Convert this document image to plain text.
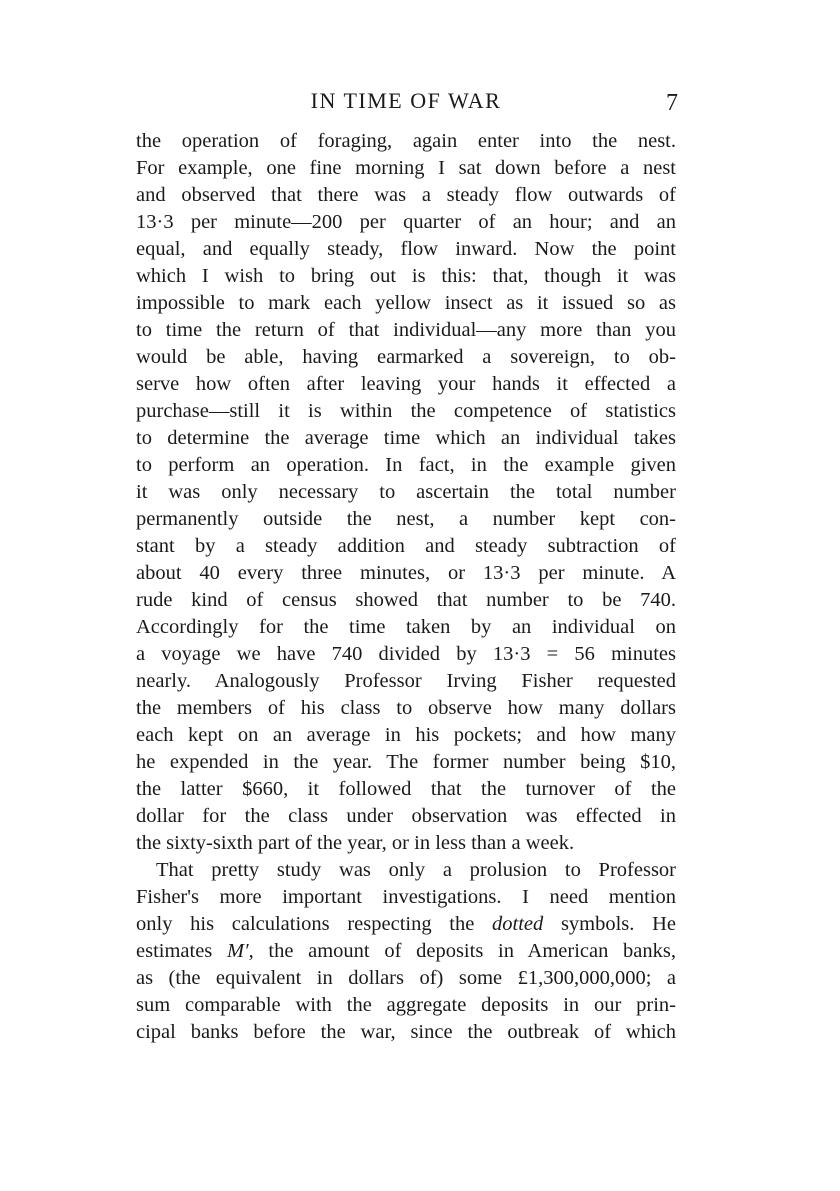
IN TIME OF WAR	7
the operation of foraging, again enter into the nest.
For example, one fine morning I sat down before a nest
and observed that there was a steady flow outwards of
13·3 per minute—200 per quarter of an hour; and an
equal, and equally steady, flow inward. Now the point
which I wish to bring out is this: that, though it was
impossible to mark each yellow insect as it issued so as
to time the return of that individual—any more than you
would be able, having earmarked a sovereign, to ob-
serve how often after leaving your hands it effected a
purchase—still it is within the competence of statistics
to determine the average time which an individual takes
to perform an operation. In fact, in the example given
it was only necessary to ascertain the total number
permanently outside the nest, a number kept con-
stant by a steady addition and steady subtraction of
about 40 every three minutes, or 13·3 per minute. A
rude kind of census showed that number to be 740.
Accordingly for the time taken by an individual on
a voyage we have 740 divided by 13·3 = 56 minutes
nearly. Analogously Professor Irving Fisher requested
the members of his class to observe how many dollars
each kept on an average in his pockets; and how many
he expended in the year. The former number being $10,
the latter $660, it followed that the turnover of the
dollar for the class under observation was effected in
the sixty-sixth part of the year, or in less than a week.
That pretty study was only a prolusion to Professor
Fisher's more important investigations. I need mention
only his calculations respecting the dotted symbols. He
estimates M′, the amount of deposits in American banks,
as (the equivalent in dollars of) some £1,300,000,000; a
sum comparable with the aggregate deposits in our prin-
cipal banks before the war, since the outbreak of which
